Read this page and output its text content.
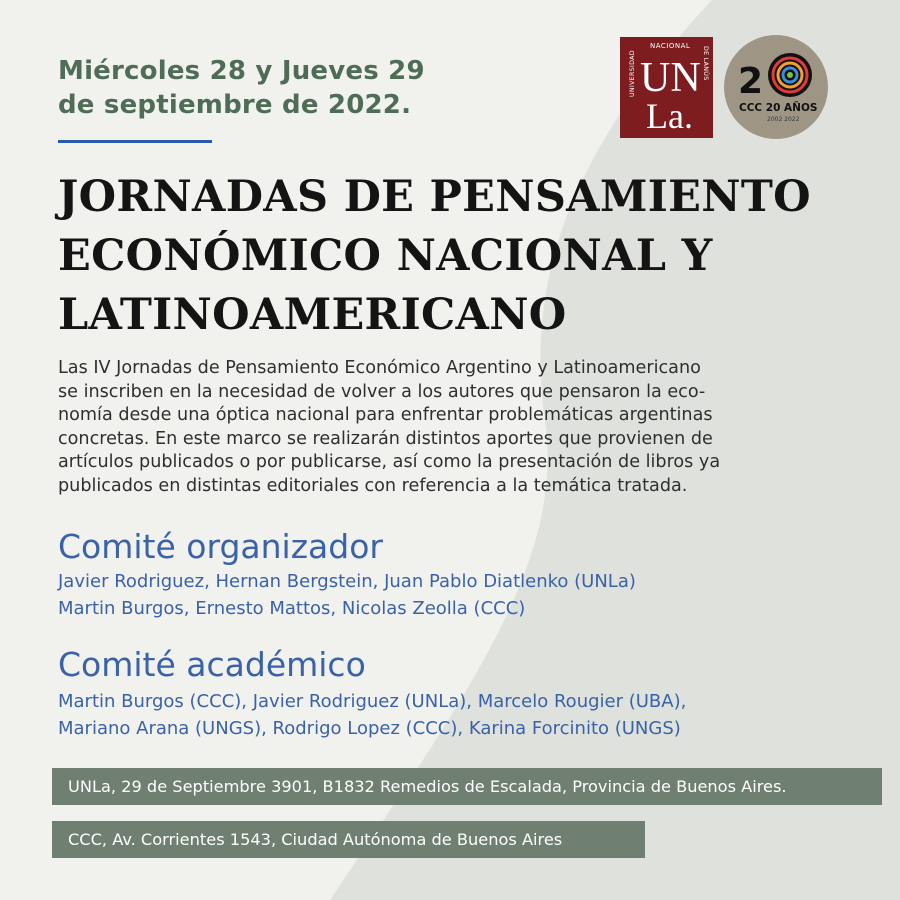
Miércoles 28 y Jueves 29
de septiembre de 2022.
UNIVERSIDAD
NACIONAL DE LANÚS
UN
La.
2
CCC 20 AÑOS
2002 2022
JORNADAS DE PENSAMIENTO
ECONÓMICO NACIONAL Y
LATINOAMERICANO
Las IV Jornadas de Pensamiento Económico Argentino y Latinoamericano
se inscriben en la necesidad de volver a los autores que pensaron la eco-
nomía desde una óptica nacional para enfrentar problemáticas argentinas
concretas. En este marco se realizarán distintos aportes que provienen de
artículos publicados o por publicarse, así como la presentación de libros ya
publicados en distintas editoriales con referencia a la temática tratada.
Comité organizador
Javier Rodriguez, Hernan Bergstein, Juan Pablo Diatlenko (UNLa)
Martin Burgos, Ernesto Mattos, Nicolas Zeolla (CCC)
Comité académico
Martin Burgos (CCC), Javier Rodriguez (UNLa), Marcelo Rougier (UBA),
Mariano Arana (UNGS), Rodrigo Lopez (CCC), Karina Forcinito (UNGS)
UNLa, 29 de Septiembre 3901, B1832 Remedios de Escalada, Provincia de Buenos Aires.
CCC, Av. Corrientes 1543, Ciudad Autónoma de Buenos Aires
